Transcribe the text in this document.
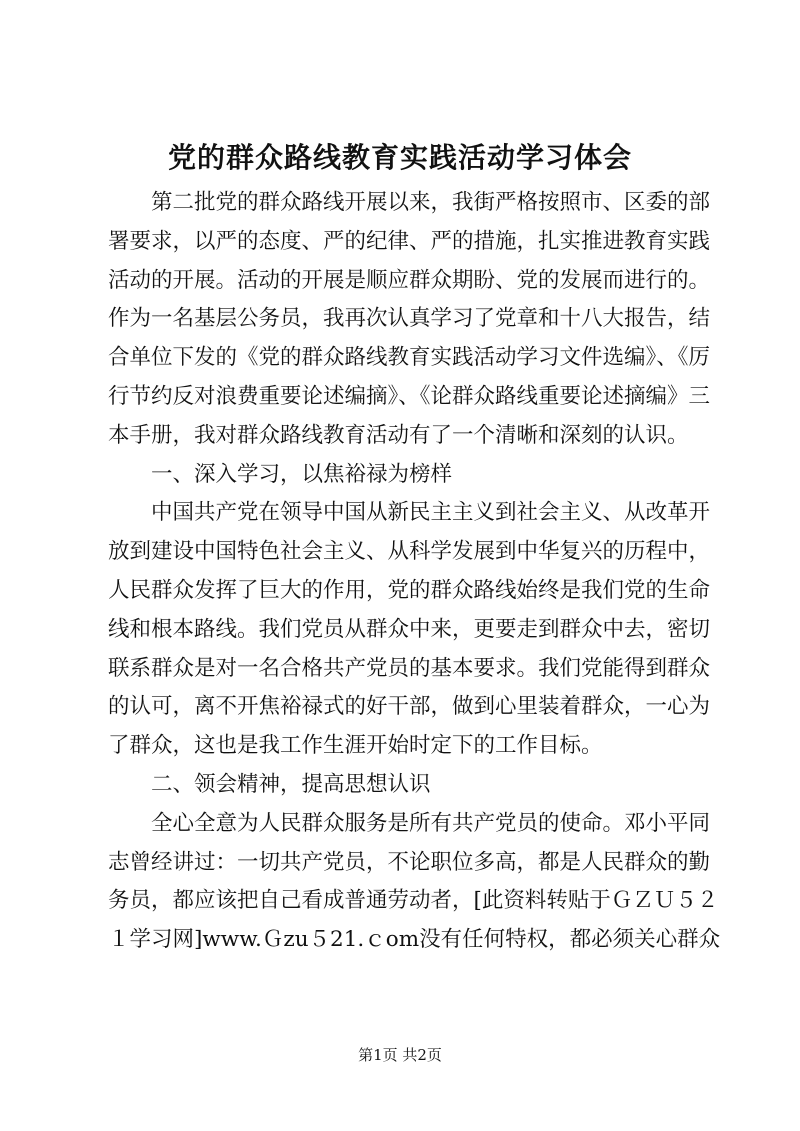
党的群众路线教育实践活动学习体会
第二批党的群众路线开展以来，我街严格按照市、区委的部
署要求，以严的态度、严的纪律、严的措施，扎实推进教育实践
活动的开展。活动的开展是顺应群众期盼、党的发展而进行的。
作为一名基层公务员，我再次认真学习了党章和十八大报告，结
合单位下发的《党的群众路线教育实践活动学习文件选编》、《厉
行节约反对浪费重要论述编摘》、《论群众路线重要论述摘编》三
本手册，我对群众路线教育活动有了一个清晰和深刻的认识。
一、深入学习，以焦裕禄为榜样
中国共产党在领导中国从新民主主义到社会主义、从改革开
放到建设中国特色社会主义、从科学发展到中华复兴的历程中，
人民群众发挥了巨大的作用，党的群众路线始终是我们党的生命
线和根本路线。我们党员从群众中来，更要走到群众中去，密切
联系群众是对一名合格共产党员的基本要求。我们党能得到群众
的认可，离不开焦裕禄式的好干部，做到心里装着群众，一心为
了群众，这也是我工作生涯开始时定下的工作目标。
二、领会精神，提高思想认识
全心全意为人民群众服务是所有共产党员的使命。邓小平同
志曾经讲过：一切共产党员，不论职位多高，都是人民群众的勤
务员，都应该把自己看成普通劳动者，[此资料转贴于ＧＺＵ５２
１学习网]www.Ｇzu５21.ｃom没有任何特权，都必须关心群众
第1页 共2页
